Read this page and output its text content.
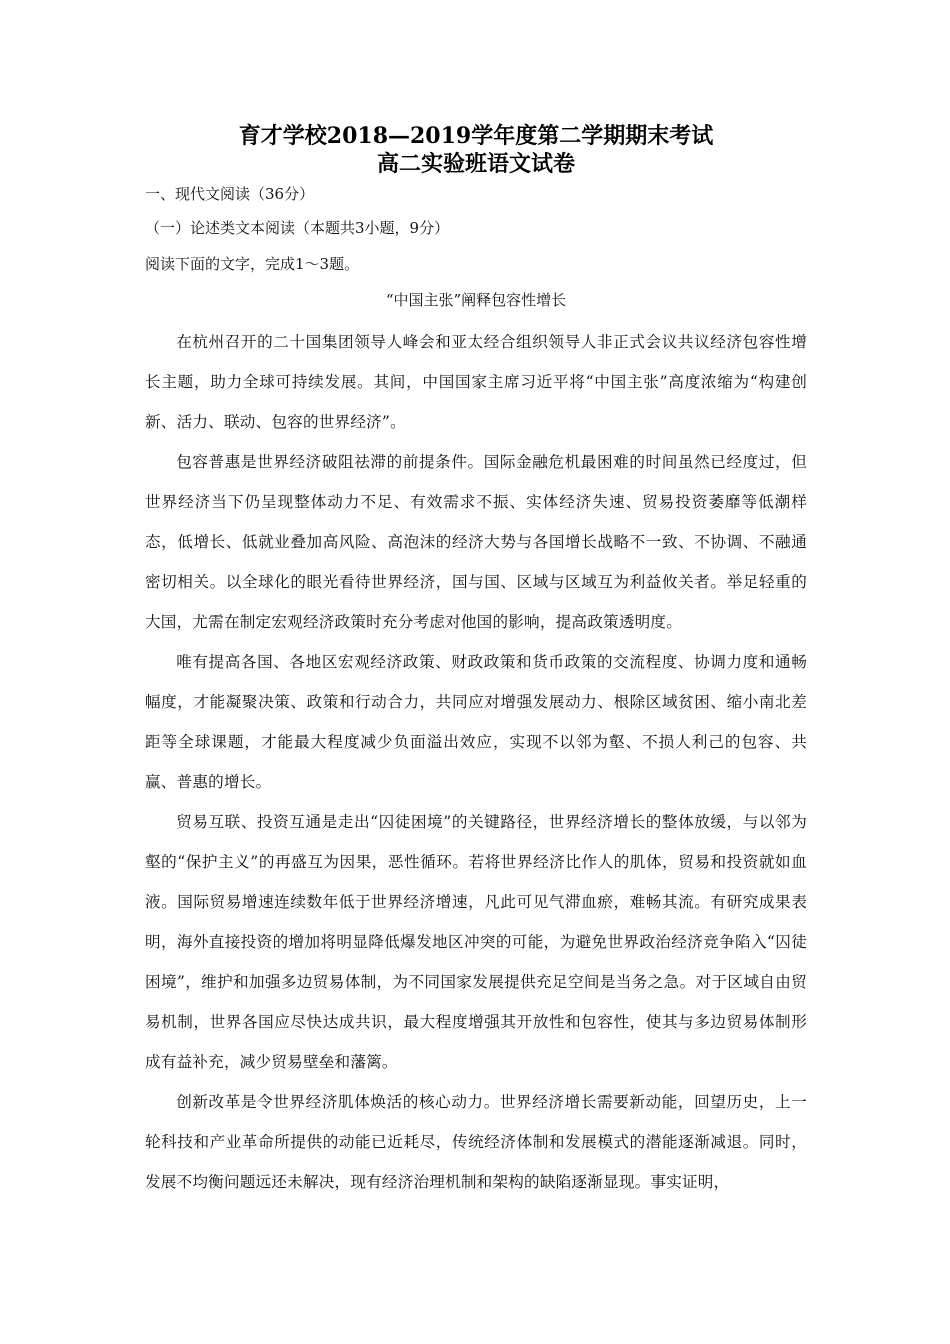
育才学校2018—2019学年度第二学期期末考试
高二实验班语文试卷

一、现代文阅读（36分）

（一）论述类文本阅读（本题共3小题，9分）

阅读下面的文字，完成1～3题。

“中国主张”阐释包容性增长

在杭州召开的二十国集团领导人峰会和亚太经合组织领导人非正式会议共议经济包容性增长主题，助力全球可持续发展。其间，中国国家主席习近平将“中国主张”高度浓缩为“构建创新、活力、联动、包容的世界经济”。

包容普惠是世界经济破阻祛滞的前提条件。国际金融危机最困难的时间虽然已经度过，但世界经济当下仍呈现整体动力不足、有效需求不振、实体经济失速、贸易投资萎靡等低潮样态，低增长、低就业叠加高风险、高泡沫的经济大势与各国增长战略不一致、不协调、不融通密切相关。以全球化的眼光看待世界经济，国与国、区域与区域互为利益攸关者。举足轻重的大国，尤需在制定宏观经济政策时充分考虑对他国的影响，提高政策透明度。

唯有提高各国、各地区宏观经济政策、财政政策和货币政策的交流程度、协调力度和通畅幅度，才能凝聚决策、政策和行动合力，共同应对增强发展动力、根除区域贫困、缩小南北差距等全球课题，才能最大程度减少负面溢出效应，实现不以邻为壑、不损人利己的包容、共赢、普惠的增长。

贸易互联、投资互通是走出“囚徒困境”的关键路径，世界经济增长的整体放缓，与以邻为壑的“保护主义”的再盛互为因果，恶性循环。若将世界经济比作人的肌体，贸易和投资就如血液。国际贸易增速连续数年低于世界经济增速，凡此可见气滞血瘀，难畅其流。有研究成果表明，海外直接投资的增加将明显降低爆发地区冲突的可能，为避免世界政治经济竞争陷入“囚徒困境”，维护和加强多边贸易体制，为不同国家发展提供充足空间是当务之急。对于区域自由贸易机制，世界各国应尽快达成共识，最大程度增强其开放性和包容性，使其与多边贸易体制形成有益补充，减少贸易壁垒和藩篱。

创新改革是令世界经济肌体焕活的核心动力。世界经济增长需要新动能，回望历史，上一轮科技和产业革命所提供的动能已近耗尽，传统经济体制和发展模式的潜能逐渐减退。同时，发展不均衡问题远还未解决，现有经济治理机制和架构的缺陷逐渐显现。事实证明，
